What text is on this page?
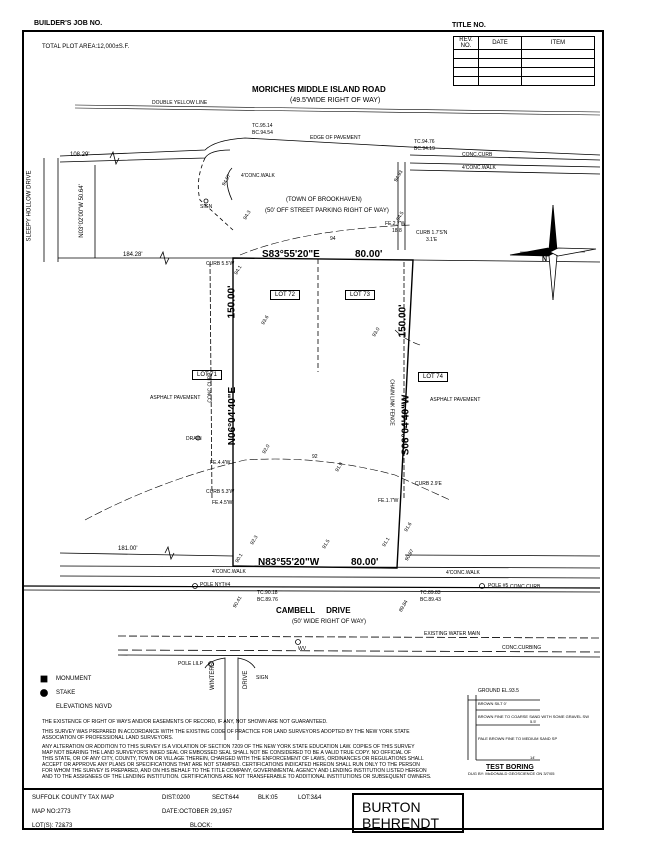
BUILDER'S JOB NO.	TITLE NO.
TOTAL PLOT AREA:12,000±S.F.
REV. NO.	DATE	ITEM

MORICHES MIDDLE ISLAND ROAD
(49.5'WIDE RIGHT OF WAY)
DOUBLE YELLOW LINE
EDGE OF PAVEMENT
CONC.CURB
4'CONC.WALK
4'CONC.WALK
TC.95.14
BC.94.54
TC.94.76
BC.94.19
94.97	94.93
(TOWN OF BROOKHAVEN)
(50' OFF STREET PARKING RIGHT OF WAY)
SIGN
94.3
94
94.1
FE.2.7'W
18.8
94.5
CURB 1.7'S'N
3.1'E
N
SLEEPY HOLLOW DRIVE	N03°02'00"W 50.64'
108.29'
184.28'
CURB 5.5'W
S83°55'20"E	80.00'
N83°55'20"W	80.00'
N06°04'40"E
150.00'
S06°04'40"W
150.00'
LOT 72	LOT 73
LOT 71	LOT 74
93.6
93.0
ASPHALT PAVEMENT	ASPHALT PAVEMENT
CONC.CURB	CHAIN LINK FENCE
DRAIN
92.0
92
91.9
FE.4.4'W
CURB 2.9'E
CURB 5.3'W
FE.4.5'W	FE.1.7'W
91.6
92.3	91.5	91.1
90.97
90.1
181.00'
4'CONC.WALK	4'CONC.WALK
POLE NYT#4	POLE #5 CONC.CURB
TC.89.83
BC.89.43
TC.90.18
BC.89.76
90.41	89.84
CAMBELL     DRIVE
(50' WIDE RIGHT OF WAY)
EXISTING WATER MAIN
WV	CONC.CURBING
POLE LILP WINTERS	DRIVE SIGN
MONUMENT
STAKE
ELEVATIONS NGVD
GROUND EL.93.5
BROWN SILT 0'
BROWN FINE TO COARSE SAND WITH SOME GRAVEL SW
5.5'
PALE BROWN FINE TO MEDIUM SAND SP
14'
TEST BORING
DUG BY: McDONALD GEOSCIENCE ON 3/7/05
THE EXISTENCE OF RIGHT OF WAYS AND/OR EASEMENTS OF RECORD, IF ANY, NOT SHOWN ARE NOT GUARANTEED.
THIS SURVEY WAS PREPARED IN ACCORDANCE WITH THE EXISTING CODE OF PRACTICE FOR LAND SURVEYORS ADOPTED BY THE NEW YORK STATE
ASSOCIATION OF PROFESSIONAL LAND SURVEYORS.
ANY ALTERATION OR ADDITION TO THIS SURVEY IS A VIOLATION OF SECTION 7209 OF THE NEW YORK STATE EDUCATION LAW. COPIES OF THIS SURVEY
MAP NOT BEARING THE LAND SURVEYOR'S INKED SEAL OR EMBOSSED SEAL SHALL NOT BE CONSIDERED TO BE A VALID TRUE COPY. NO OFFICIAL OF
THIS STATE, OR OF ANY CITY, COUNTY, TOWN OR VILLAGE THEREIN, CHARGED WITH THE ENFORCEMENT OF LAWS, ORDINANCES OR REGULATIONS SHALL
ACCEPT OR APPROVE ANY PLANS OR SPECIFICATIONS THAT ARE NOT STAMPED. CERTIFICATIONS INDICATED HEREON SHALL RUN ONLY TO THE PERSON
FOR WHOM THE SURVEY IS PREPARED, AND ON HIS BEHALF TO THE TITLE COMPANY, GOVERNMENTAL AGENCY AND LENDING INSTITUTION LISTED HEREON
AND TO THE ASSIGNEES OF THE LENDING INSTITUTION. CERTIFICATIONS ARE NOT TRANSFERABLE TO ADDITIONAL INSTITUTIONS OR SUBSEQUENT OWNERS.
SUFFOLK COUNTY TAX MAP	DIST:0200	SECT:644	BLK:05	LOT:3&4
MAP NO:2773	DATE:OCTOBER 29,1957
LOT(S): 72&73	BLOCK:
BURTON
BEHRENDT
